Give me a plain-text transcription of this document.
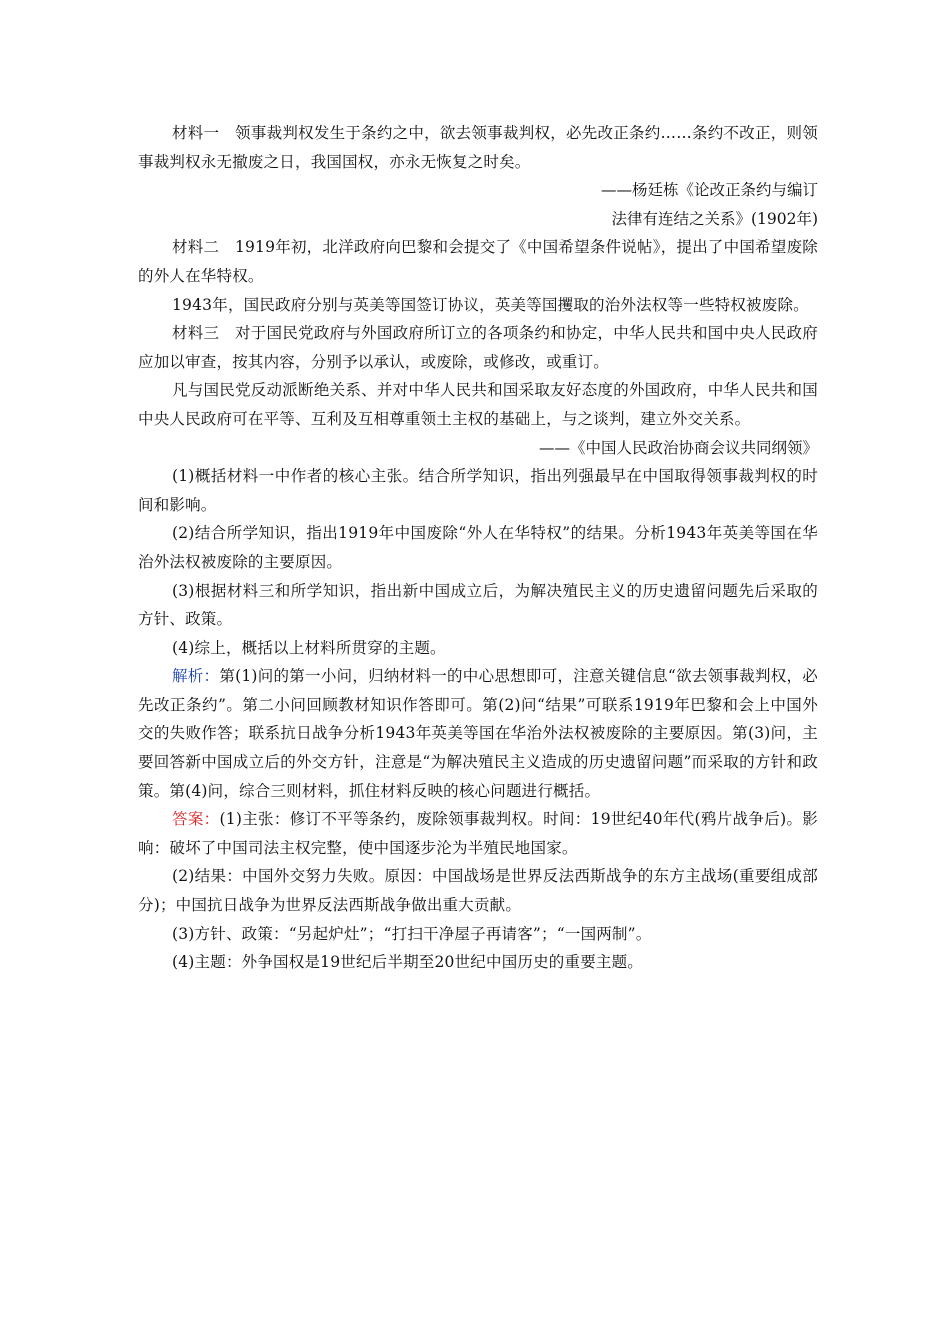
材料一　 领事裁判权发生于条约之中，欲去领事裁判权，必先改正条约……条约不改正，则领事裁判权永无撤废之日，我国国权，亦永无恢复之时矣。

——杨廷栋《论改正条约与编订

法律有连结之关系》(1902年)

材料二　 1919年初，北洋政府向巴黎和会提交了《中国希望条件说帖》，提出了中国希望废除的外人在华特权。

1943年，国民政府分别与英美等国签订协议，英美等国攫取的治外法权等一些特权被废除。

材料三　 对于国民党政府与外国政府所订立的各项条约和协定，中华人民共和国中央人民政府应加以审查，按其内容，分别予以承认，或废除，或修改，或重订。

凡与国民党反动派断绝关系、并对中华人民共和国采取友好态度的外国政府，中华人民共和国中央人民政府可在平等、互利及互相尊重领土主权的基础上，与之谈判，建立外交关系。

——《中国人民政治协商会议共同纲领》

(1)概括材料一中作者的核心主张。结合所学知识，指出列强最早在中国取得领事裁判权的时间和影响。

(2)结合所学知识，指出1919年中国废除“外人在华特权”的结果。分析1943年英美等国在华治外法权被废除的主要原因。

(3)根据材料三和所学知识，指出新中国成立后，为解决殖民主义的历史遗留问题先后采取的方针、政策。

(4)综上，概括以上材料所贯穿的主题。

解析：第(1)问的第一小问，归纳材料一的中心思想即可，注意关键信息“欲去领事裁判权，必先改正条约”。第二小问回顾教材知识作答即可。第(2)问“结果”可联系1919年巴黎和会上中国外交的失败作答；联系抗日战争分析1943年英美等国在华治外法权被废除的主要原因。第(3)问，主要回答新中国成立后的外交方针，注意是“为解决殖民主义造成的历史遗留问题”而采取的方针和政策。第(4)问，综合三则材料，抓住材料反映的核心问题进行概括。

答案：(1)主张：修订不平等条约，废除领事裁判权。时间：19世纪40年代(鸦片战争后)。影响：破坏了中国司法主权完整，使中国逐步沦为半殖民地国家。

(2)结果：中国外交努力失败。原因：中国战场是世界反法西斯战争的东方主战场(重要组成部分)；中国抗日战争为世界反法西斯战争做出重大贡献。

(3)方针、政策：“另起炉灶”；“打扫干净屋子再请客”；“一国两制”。

(4)主题：外争国权是19世纪后半期至20世纪中国历史的重要主题。
